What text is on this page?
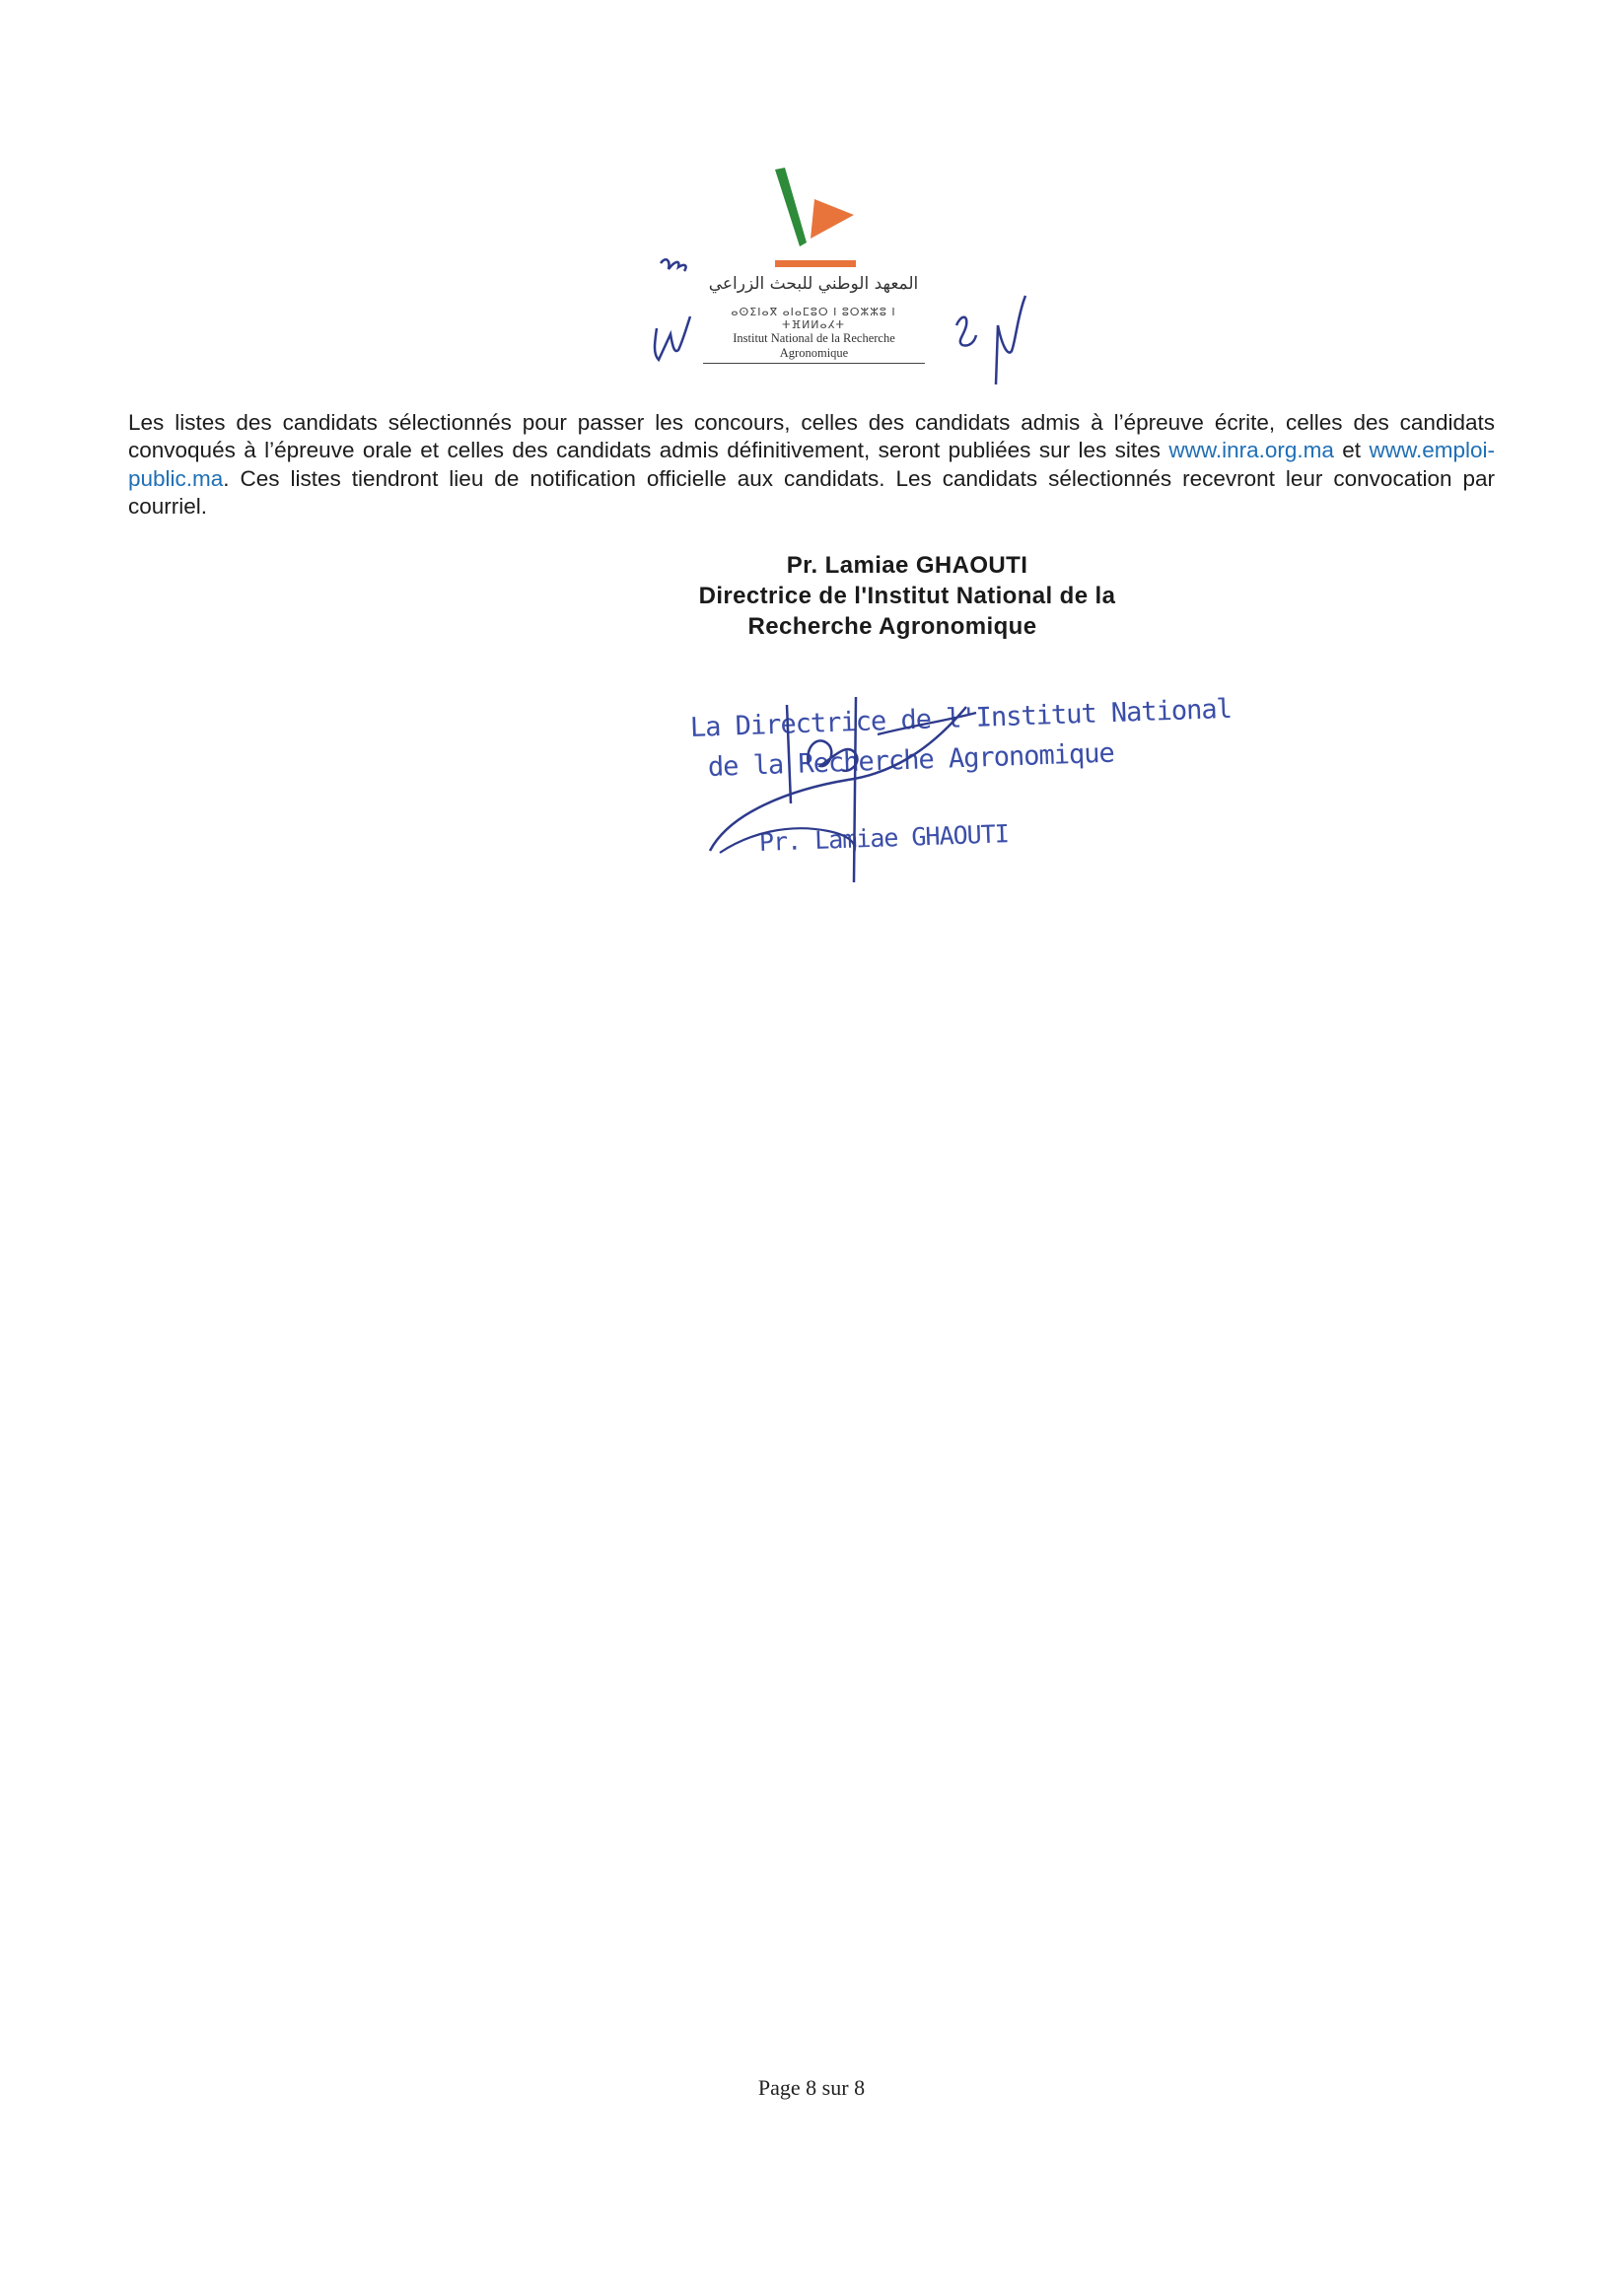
المعهد الوطني للبحث الزراعي
ⴰⵙⵉⵏⴰⴳ ⴰⵏⴰⵎⵓⵔ ⵏ ⵓⵔⵣⵣⵓ ⵏ ⵜⴼⵍⵍⴰⵃⵜ
Institut National de la Recherche Agronomique

Les listes des candidats sélectionnés pour passer les concours, celles des candidats admis à l’épreuve écrite, celles des candidats convoqués à l’épreuve orale et celles des candidats admis définitivement, seront publiées sur les sites www.inra.org.ma et www.emploi-public.ma. Ces listes tiendront lieu de notification officielle aux candidats. Les candidats sélectionnés recevront leur convocation par courriel.

Pr. Lamiae GHAOUTI
Directrice de l'Institut National de la
Recherche Agronomique
La Directrice de l'Institut National
de la Recherche Agronomique
Pr. Lamiae GHAOUTI
Page 8 sur 8
